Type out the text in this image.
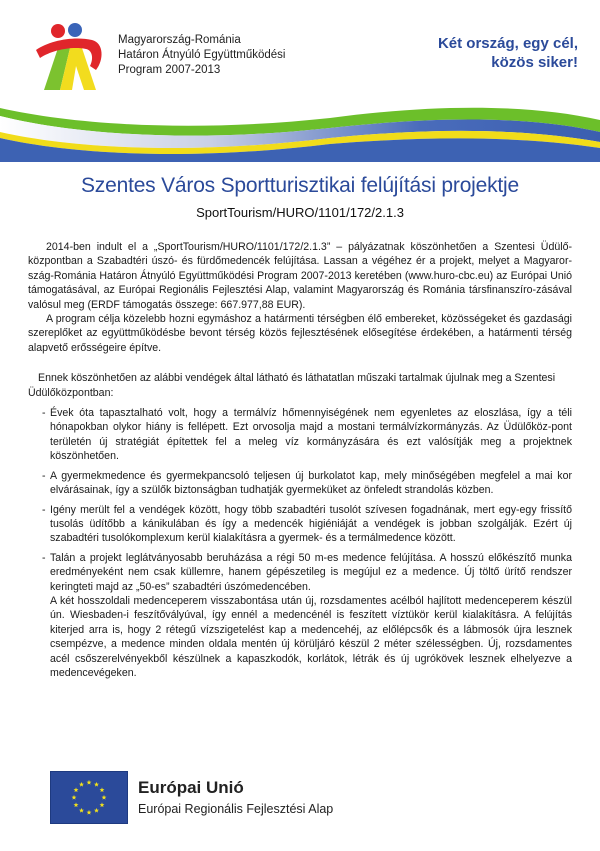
Magyarország-Románia
Határon Átnyúló Együttműködési
Program 2007-2013
Két ország, egy cél,
közös siker!
Szentes Város Sportturisztikai felújítási projektje
SportTourism/HURO/1101/172/2.1.3

2014-ben indult el a „SportTourism/HURO/1101/172/2.1.3” – pályázatnak köszönhetően a Szentesi Üdülő-központban a Szabadtéri úszó- és fürdőmedencék felújítása. Lassan a végéhez ér a projekt, melyet a Magyaror-szág-Románia Határon Átnyúló Együttműködési Program 2007-2013 keretében (www.huro-cbc.eu) az Európai Unió támogatásával, az Európai Regionális Fejlesztési Alap, valamint Magyarország és Románia társfinanszíro-zásával valósul meg (ERDF támogatás összege: 667.977,88 EUR).

A program célja közelebb hozni egymáshoz a határmenti térségben élő embereket, közösségeket és gazdasági szereplőket az együttműködésbe bevont térség közös fejlesztésének elősegítése érdekében, a határmenti térség alapvető erősségeire építve.

Ennek köszönhetően az alábbi vendégek által látható és láthatatlan műszaki tartalmak újulnak meg a Szentesi Üdülőközpontban:

- Évek óta tapasztalható volt, hogy a termálvíz hőmennyiségének nem egyenletes az eloszlása, így a téli hónapokban olykor hiány is fellépett. Ezt orvosolja majd a mostani termálvízkormányzás. Az Üdülőköz-pont területén új stratégiát építettek fel a meleg víz kormányzására és ezt valósítják meg a projektnek köszönhetően.
- A gyermekmedence és gyermekpancsoló teljesen új burkolatot kap, mely minőségében megfelel a mai kor elvárásainak, így a szülők biztonságban tudhatják gyermeküket az önfeledt strandolás közben.
- Igény merült fel a vendégek között, hogy több szabadtéri tusolót szívesen fogadnának, mert egy-egy frissítő tusolás üdítőbb a kánikulában és így a medencék higiéniáját a vendégek is jobban szolgálják. Ezért új szabadtéri tusolókomplexum kerül kialakításra a gyermek- és a termálmedence között.
- Talán a projekt leglátványosabb beruházása a régi 50 m-es medence felújítása. A hosszú előkészítő munka eredményeként nem csak küllemre, hanem gépészetileg is megújul ez a medence. Új töltő ürítő rendszer keringteti majd az „50-es” szabadtéri úszómedencében.
A két hosszoldali medenceperem visszabontása után új, rozsdamentes acélból hajlított medenceperem készül ún. Wiesbaden-i feszítővályúval, így ennél a medencénél is feszített víztükör kerül kialakításra. A felújítás kiterjed arra is, hogy 2 rétegű vízszigetelést kap a medencehéj, az előlépcsők és a lábmosók újra lesznek csempézve, a medence minden oldala mentén új körüljáró készül 2 méter szélességben. Új, rozsdamentes acél csőszerelvényekből készülnek a kapaszkodók, korlátok, létrák és új ugrókövek lesznek elhelyezve a medencevégeken.
Európai Unió
Európai Regionális Fejlesztési Alap
